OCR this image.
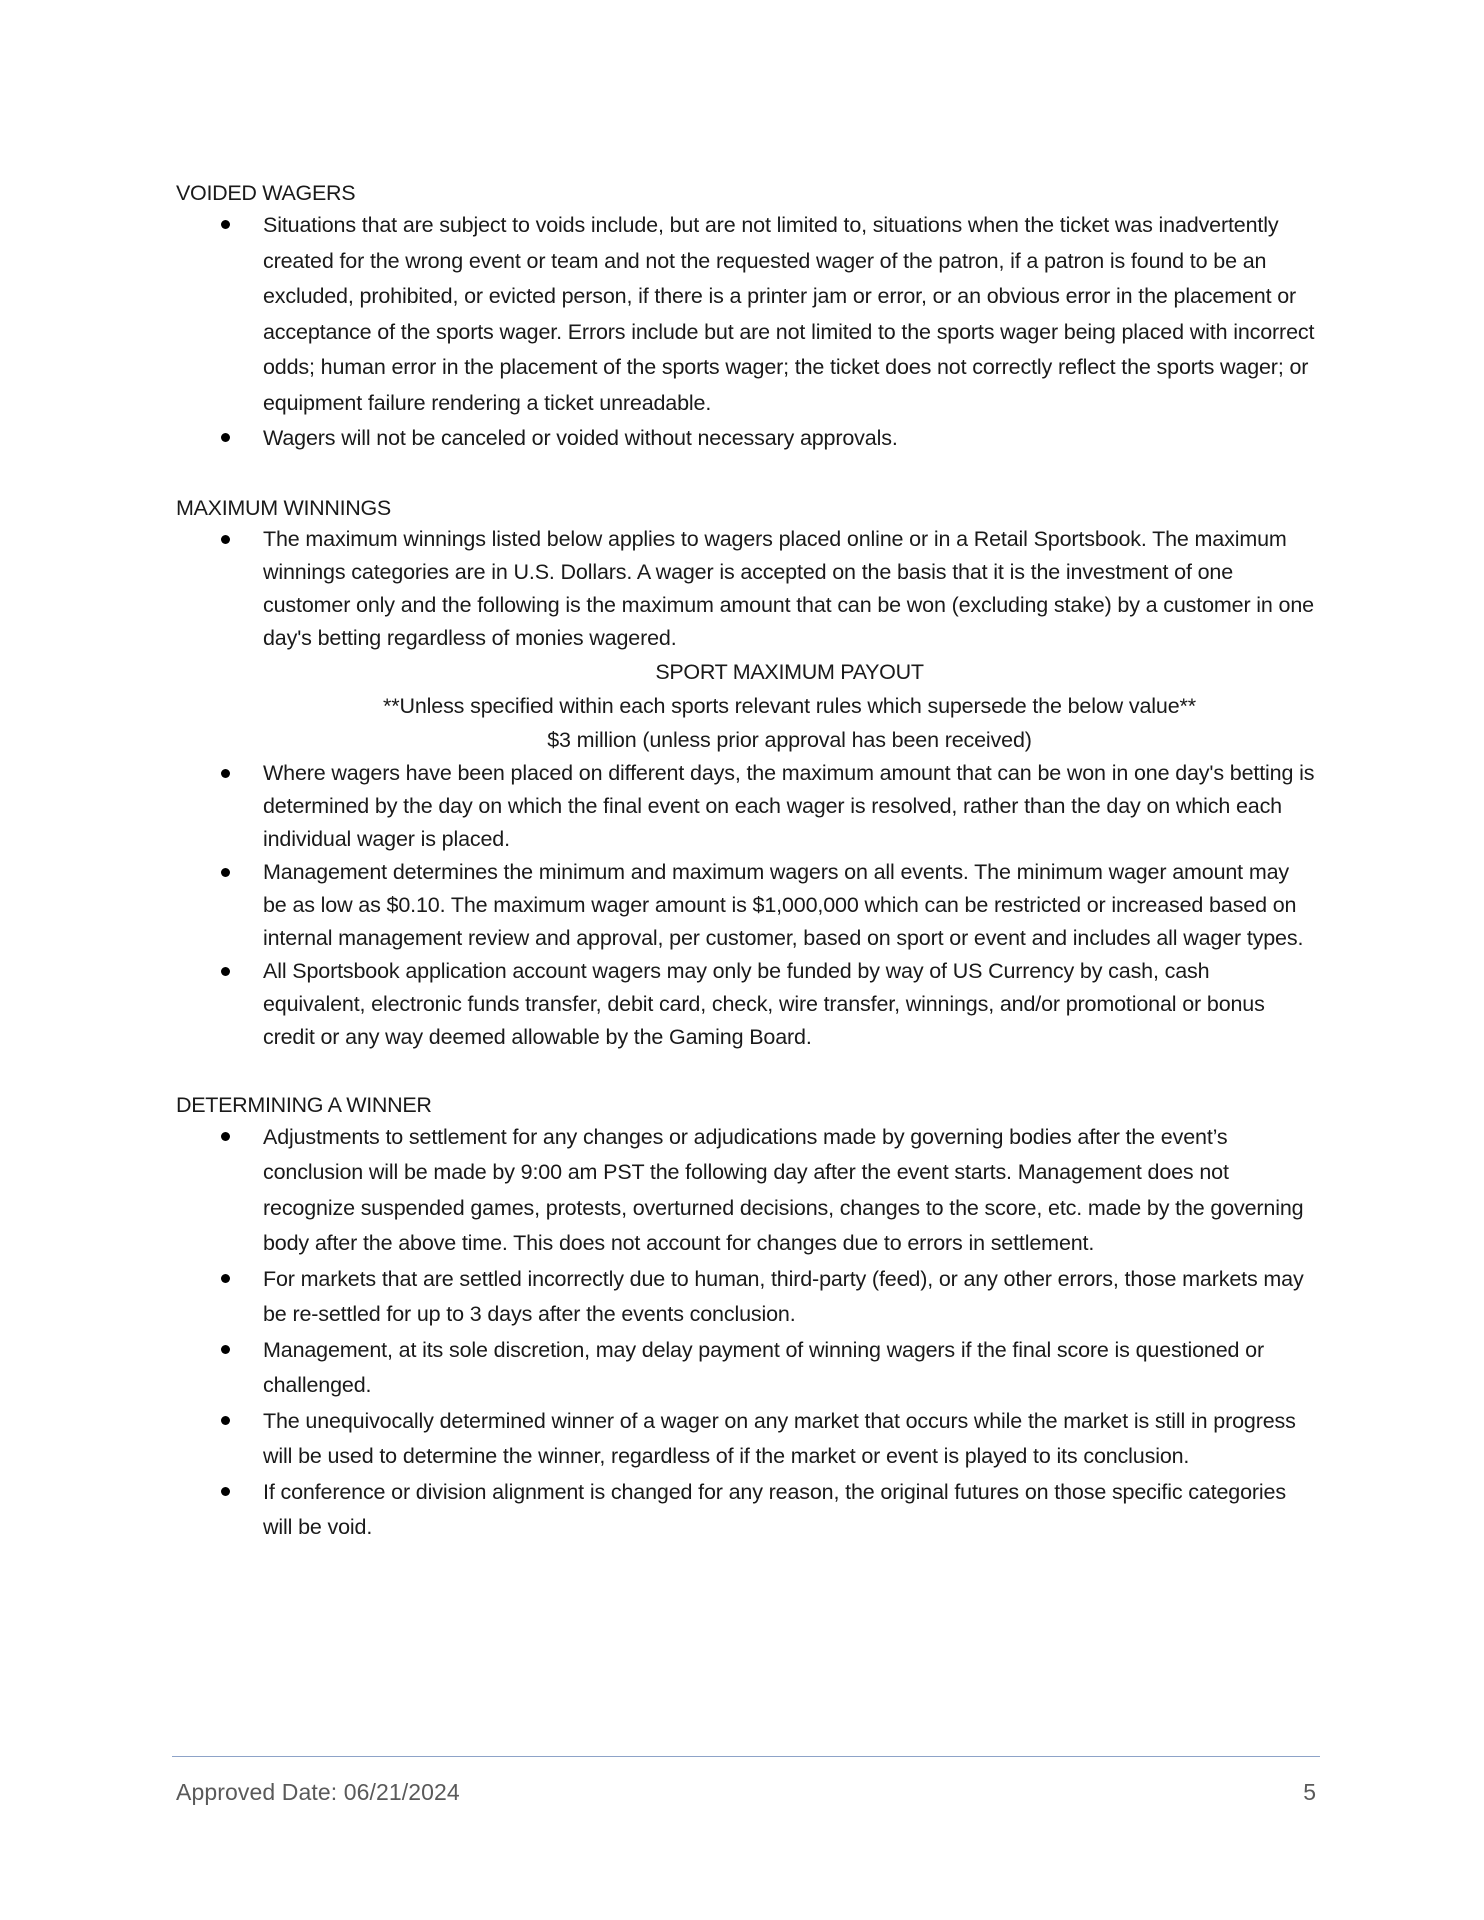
VOIDED WAGERS

Situations that are subject to voids include, but are not limited to, situations when the ticket was inadvertently created for the wrong event or team and not the requested wager of the patron, if a patron is found to be an excluded, prohibited, or evicted person, if there is a printer jam or error, or an obvious error in the placement or acceptance of the sports wager. Errors include but are not limited to the sports wager being placed with incorrect odds; human error in the placement of the sports wager; the ticket does not correctly reflect the sports wager; or equipment failure rendering a ticket unreadable.
Wagers will not be canceled or voided without necessary approvals.

MAXIMUM WINNINGS

The maximum winnings listed below applies to wagers placed online or in a Retail Sportsbook. The maximum winnings categories are in U.S. Dollars. A wager is accepted on the basis that it is the investment of one customer only and the following is the maximum amount that can be won (excluding stake) by a customer in one day's betting regardless of monies wagered.

SPORT MAXIMUM PAYOUT

**Unless specified within each sports relevant rules which supersede the below value**

$3 million (unless prior approval has been received)

Where wagers have been placed on different days, the maximum amount that can be won in one day's betting is determined by the day on which the final event on each wager is resolved, rather than the day on which each individual wager is placed.
Management determines the minimum and maximum wagers on all events. The minimum wager amount may be as low as $0.10. The maximum wager amount is $1,000,000 which can be restricted or increased based on internal management review and approval, per customer, based on sport or event and includes all wager types.
All Sportsbook application account wagers may only be funded by way of US Currency by cash, cash equivalent, electronic funds transfer, debit card, check, wire transfer, winnings, and/or promotional or bonus credit or any way deemed allowable by the Gaming Board.

DETERMINING A WINNER

Adjustments to settlement for any changes or adjudications made by governing bodies after the event’s conclusion will be made by 9:00 am PST the following day after the event starts. Management does not recognize suspended games, protests, overturned decisions, changes to the score, etc. made by the governing body after the above time. This does not account for changes due to errors in settlement.
For markets that are settled incorrectly due to human, third-party (feed), or any other errors, those markets may be re-settled for up to 3 days after the events conclusion.
Management, at its sole discretion, may delay payment of winning wagers if the final score is questioned or challenged.
The unequivocally determined winner of a wager on any market that occurs while the market is still in progress will be used to determine the winner, regardless of if the market or event is played to its conclusion.
If conference or division alignment is changed for any reason, the original futures on those specific categories will be void.
Approved Date: 06/21/2024	5
